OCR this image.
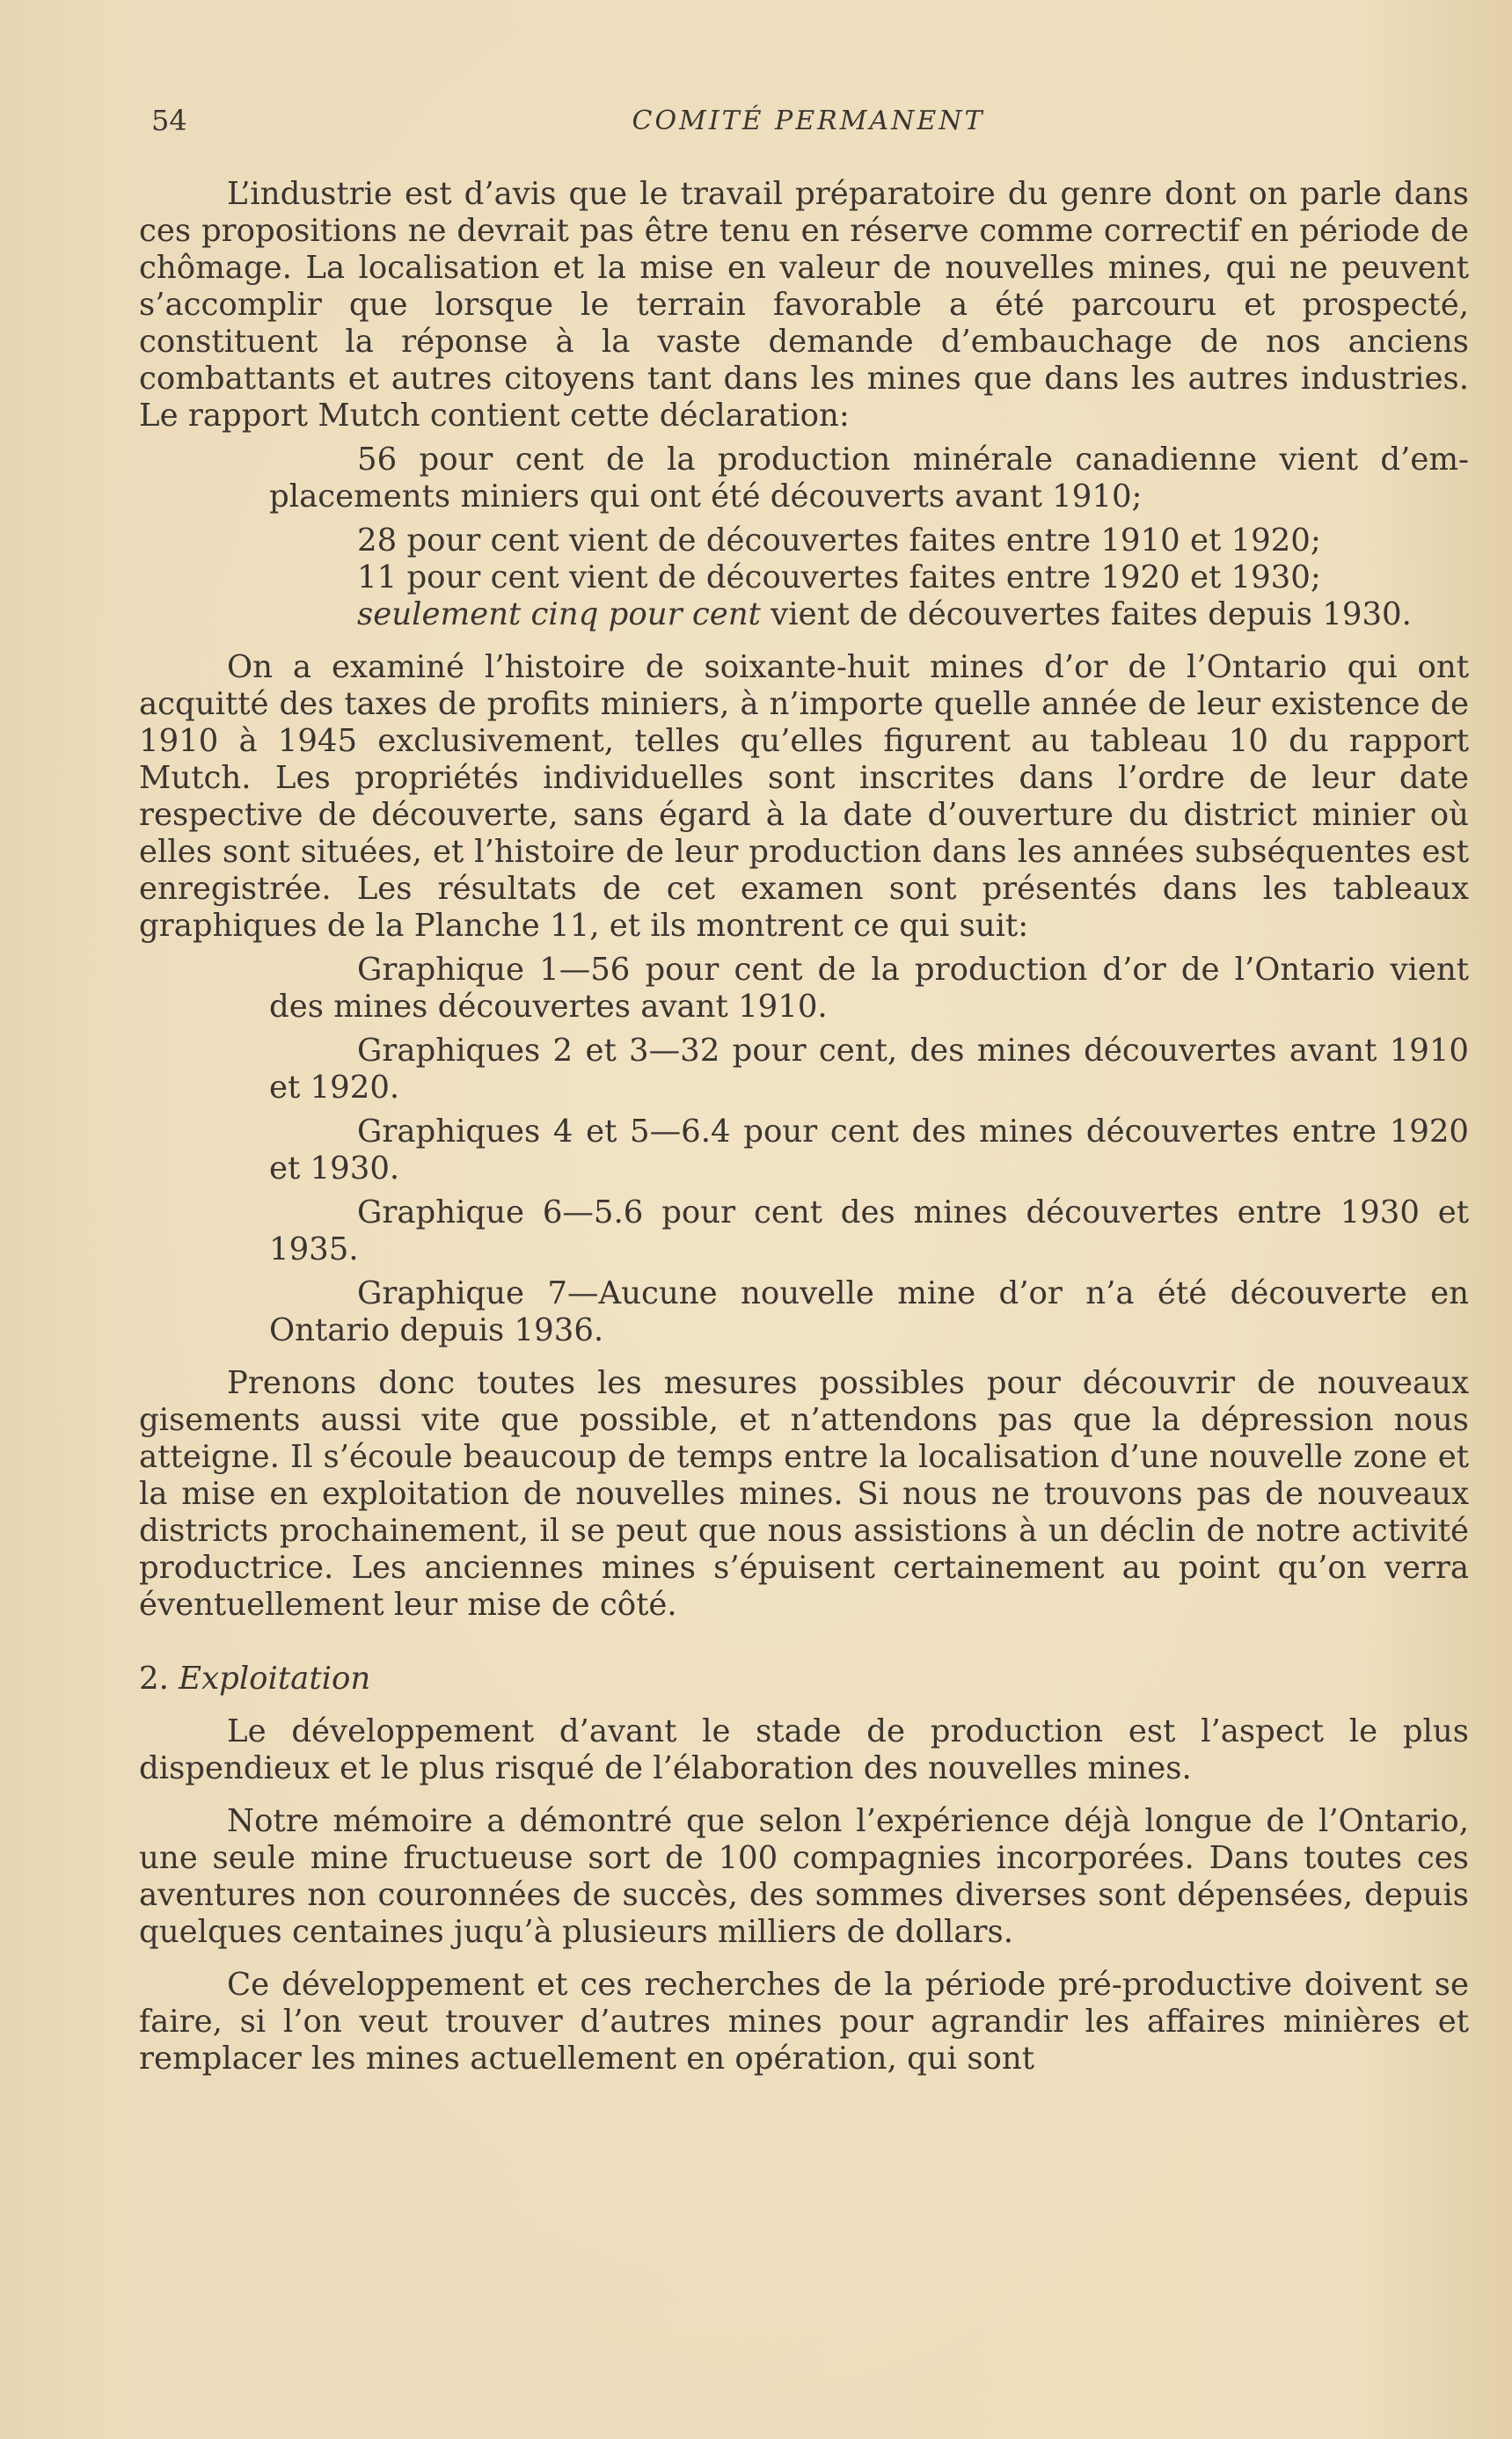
54	COMITÉ PERMANENT

L’industrie est d’avis que le travail préparatoire du genre dont on parle dans ces propositions ne devrait pas être tenu en réserve comme correctif en période de chômage. La localisation et la mise en valeur de nouvelles mines, qui ne peuvent s’accomplir que lorsque le terrain favorable a été parcouru et prospecté, constituent la réponse à la vaste demande d’embauchage de nos anciens combattants et autres citoyens tant dans les mines que dans les autres industries. Le rapport Mutch contient cette déclaration:

56 pour cent de la production minérale canadienne vient d’emplacements miniers qui ont été découverts avant 1910;

28 pour cent vient de découvertes faites entre 1910 et 1920;

11 pour cent vient de découvertes faites entre 1920 et 1930;

seulement cinq pour cent vient de découvertes faites depuis 1930.

On a examiné l’histoire de soixante-huit mines d’or de l’Ontario qui ont acquitté des taxes de profits miniers, à n’importe quelle année de leur existence de 1910 à 1945 exclusivement, telles qu’elles figurent au tableau 10 du rapport Mutch. Les propriétés individuelles sont inscrites dans l’ordre de leur date respective de découverte, sans égard à la date d’ouverture du district minier où elles sont situées, et l’histoire de leur production dans les années subséquentes est enregistrée. Les résultats de cet examen sont présentés dans les tableaux graphiques de la Planche 11, et ils montrent ce qui suit:

Graphique 1—56 pour cent de la production d’or de l’Ontario vient des mines découvertes avant 1910.

Graphiques 2 et 3—32 pour cent, des mines découvertes avant 1910 et 1920.

Graphiques 4 et 5—6.4 pour cent des mines découvertes entre 1920 et 1930.

Graphique 6—5.6 pour cent des mines découvertes entre 1930 et 1935.

Graphique 7—Aucune nouvelle mine d’or n’a été découverte en Ontario depuis 1936.

Prenons donc toutes les mesures possibles pour découvrir de nouveaux gisements aussi vite que possible, et n’attendons pas que la dépression nous atteigne. Il s’écoule beaucoup de temps entre la localisation d’une nouvelle zone et la mise en exploitation de nouvelles mines. Si nous ne trouvons pas de nouveaux districts prochainement, il se peut que nous assistions à un déclin de notre activité productrice. Les anciennes mines s’épuisent certainement au point qu’on verra éventuellement leur mise de côté.

2. Exploitation

Le développement d’avant le stade de production est l’aspect le plus dispendieux et le plus risqué de l’élaboration des nouvelles mines.

Notre mémoire a démontré que selon l’expérience déjà longue de l’Ontario, une seule mine fructueuse sort de 100 compagnies incorporées. Dans toutes ces aventures non couronnées de succès, des sommes diverses sont dépensées, depuis quelques centaines juqu’à plusieurs milliers de dollars.

Ce développement et ces recherches de la période pré-productive doivent se faire, si l’on veut trouver d’autres mines pour agrandir les affaires minières et remplacer les mines actuellement en opération, qui sont
